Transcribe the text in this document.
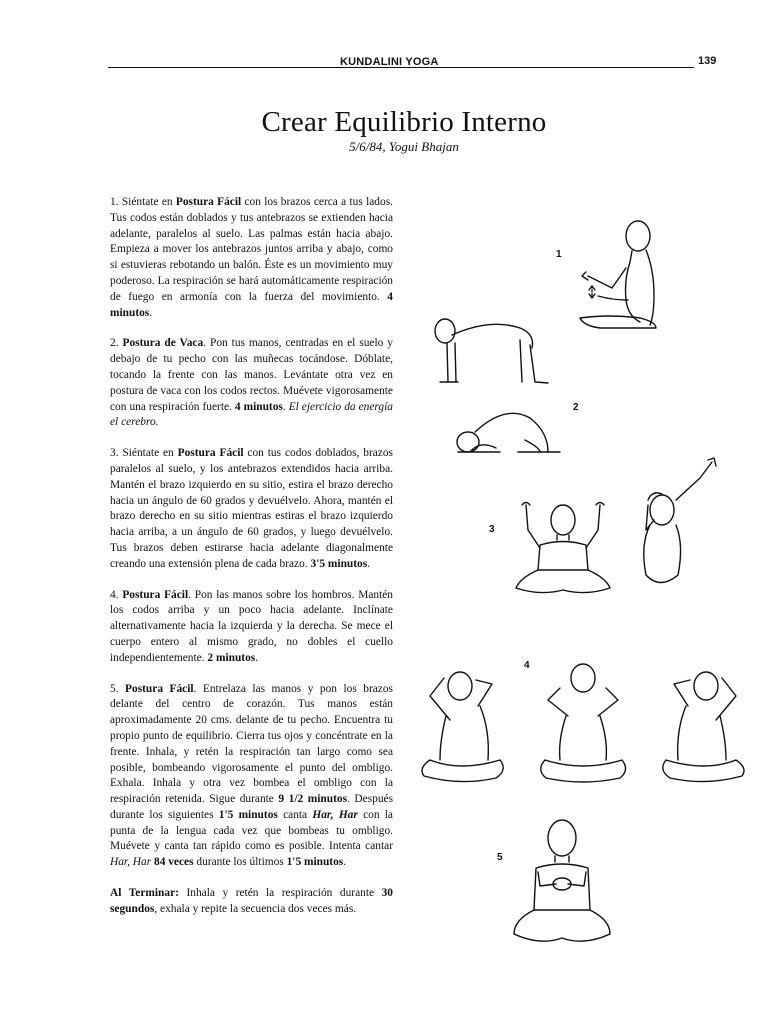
KUNDALINI YOGA	139
Crear Equilibrio Interno
5/6/84, Yogui Bhajan

1. Siéntate en Postura Fácil con los brazos cerca a tus lados. Tus codos están doblados y tus antebrazos se extienden hacia adelante, paralelos al suelo. Las palmas están hacia abajo. Empieza a mover los antebrazos juntos arriba y abajo, como si estuvieras rebotando un balón. Éste es un movimiento muy poderoso. La respiración se hará automáticamente respiración de fuego en armonía con la fuerza del movimiento. 4 minutos.

2. Postura de Vaca. Pon tus manos, centradas en el suelo y debajo de tu pecho con las muñecas tocándose. Dóblate, tocando la frente con las manos. Levántate otra vez en postura de vaca con los codos rectos. Muévete vigorosamente con una respiración fuerte. 4 minutos. El ejercicio da energía el cerebro.

3. Siéntate en Postura Fácil con tus codos doblados, brazos paralelos al suelo, y los antebrazos extendidos hacia arriba. Mantén el brazo izquierdo en su sitio, estira el brazo derecho hacia un ángulo de 60 grados y devuélvelo. Ahora, mantén el brazo derecho en su sitio mientras estiras el brazo izquierdo hacia arriba, a un ángulo de 60 grados, y luego devuélvelo. Tus brazos deben estirarse hacia adelante diagonalmente creando una extensión plena de cada brazo. 3'5 minutos.

4. Postura Fácil. Pon las manos sobre los hombros. Mantén los codos arriba y un poco hacia adelante. Inclínate alternativamente hacia la izquierda y la derecha. Se mece el cuerpo entero al mismo grado, no dobles el cuello independientemente. 2 minutos.

5. Postura Fácil. Entrelaza las manos y pon los brazos delante del centro de corazón. Tus manos están aproximadamente 20 cms. delante de tu pecho. Encuentra tu propio punto de equilibrio. Cierra tus ojos y concéntrate en la frente. Inhala, y retén la respiración tan largo como sea posible, bombeando vigorosamente el punto del ombligo. Exhala. Inhala y otra vez bombea el ombligo con la respiración retenida. Sigue durante 9 1/2 minutos. Después durante los siguientes 1'5 minutos canta Har, Har con la punta de la lengua cada vez que bombeas tu ombligo. Muévete y canta tan rápido como es posible. Intenta cantar Har, Har 84 veces durante los últimos 1'5 minutos.

Al Terminar: Inhala y retén la respiración durante 30 segundos, exhala y repite la secuencia dos veces más.

1
2
3
4
5
